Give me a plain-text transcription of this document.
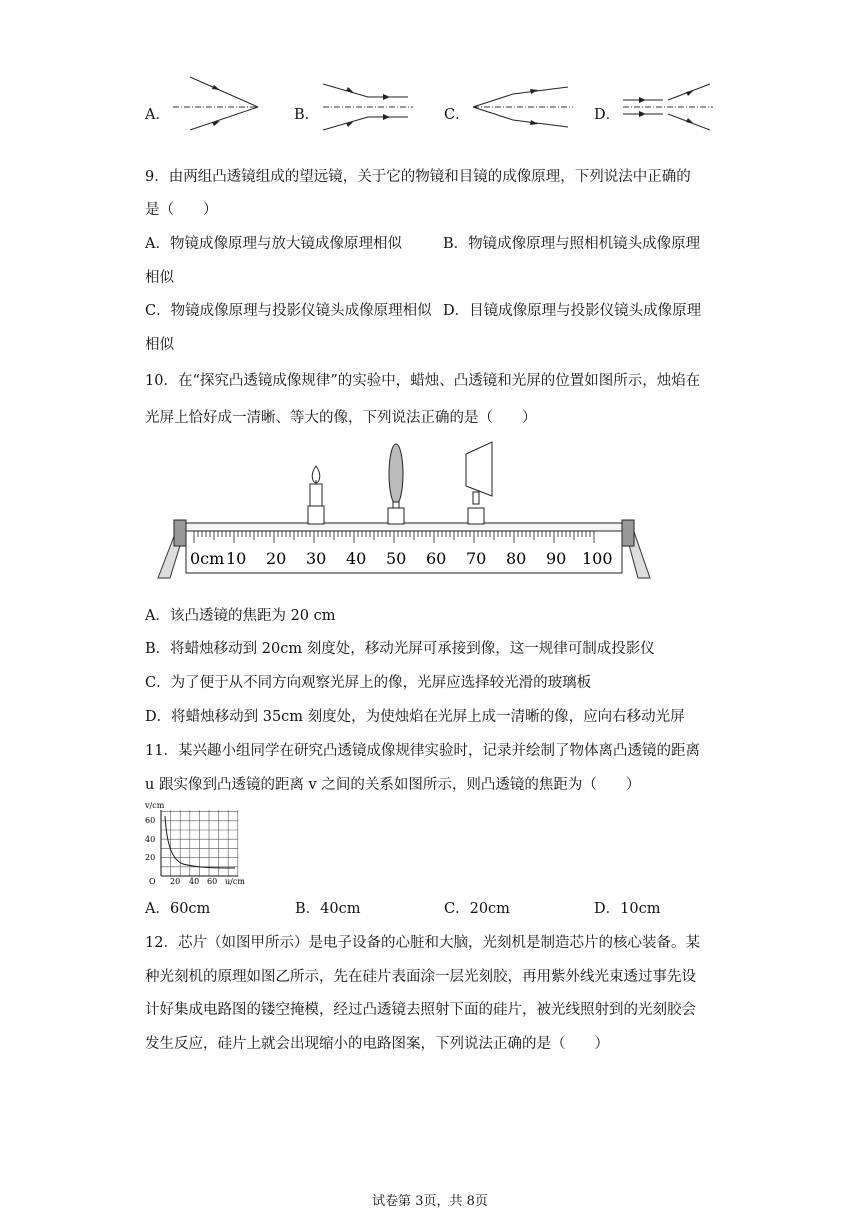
A．	B．	C．	D．
9．由两组凸透镜组成的望远镜，关于它的物镜和目镜的成像原理，下列说法中正确的
是（　　）
A．物镜成像原理与放大镜成像原理相似	B．物镜成像原理与照相机镜头成像原理
相似
C．物镜成像原理与投影仪镜头成像原理相似 D．目镜成像原理与投影仪镜头成像原理
相似
10．在“探究凸透镜成像规律”的实验中，蜡烛、凸透镜和光屏的位置如图所示，烛焰在
光屏上恰好成一清晰、等大的像，下列说法正确的是（　　）
0cm 10 20 30 40 50 60 70 80 90 100
A．该凸透镜的焦距为 20 cm
B．将蜡烛移动到 20cm 刻度处，移动光屏可承接到像，这一规律可制成投影仪
C．为了便于从不同方向观察光屏上的像，光屏应选择较光滑的玻璃板
D．将蜡烛移动到 35cm 刻度处，为使烛焰在光屏上成一清晰的像，应向右移动光屏
11．某兴趣小组同学在研究凸透镜成像规律实验时，记录并绘制了物体离凸透镜的距离
u 跟实像到凸透镜的距离 v 之间的关系如图所示，则凸透镜的焦距为（　　）
v/cm
O
60
40
20
20 40 60 u/cm
A．60cm	B．40cm	C．20cm	D．10cm
12．芯片（如图甲所示）是电子设备的心脏和大脑，光刻机是制造芯片的核心装备。某
种光刻机的原理如图乙所示，先在硅片表面涂一层光刻胶，再用紫外线光束透过事先设
计好集成电路图的镂空掩模，经过凸透镜去照射下面的硅片，被光线照射到的光刻胶会
发生反应，硅片上就会出现缩小的电路图案，下列说法正确的是（　　）
试卷第 3页，共 8页
